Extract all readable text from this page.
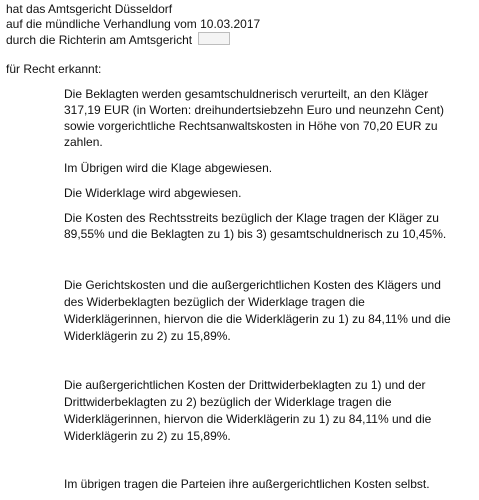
hat das Amtsgericht Düsseldorf

auf die mündliche Verhandlung vom 10.03.2017

durch die Richterin am Amtsgericht

für Recht erkannt:

Die Beklagten werden gesamtschuldnerisch verurteilt, an den Kläger

317,19 EUR (in Worten: dreihundertsiebzehn Euro und neunzehn Cent)

sowie vorgerichtliche Rechtsanwaltskosten in Höhe von 70,20 EUR zu

zahlen.

Im Übrigen wird die Klage abgewiesen.

Die Widerklage wird abgewiesen.

Die Kosten des Rechtsstreits bezüglich der Klage tragen der Kläger zu

89,55% und die Beklagten zu 1) bis 3) gesamtschuldnerisch zu 10,45%.

Die Gerichtskosten und die außergerichtlichen Kosten des Klägers und

des Widerbeklagten bezüglich der Widerklage tragen die

Widerklägerinnen, hiervon die die Widerklägerin zu 1) zu 84,11% und die

Widerklägerin zu 2) zu 15,89%.

Die außergerichtlichen Kosten der Drittwiderbeklagten zu 1) und der

Drittwiderbeklagten zu 2) bezüglich der Widerklage tragen die

Widerklägerinnen, hiervon die Widerklägerin zu 1) zu 84,11% und die

Widerklägerin zu 2) zu 15,89%.

Im übrigen tragen die Parteien ihre außergerichtlichen Kosten selbst.
